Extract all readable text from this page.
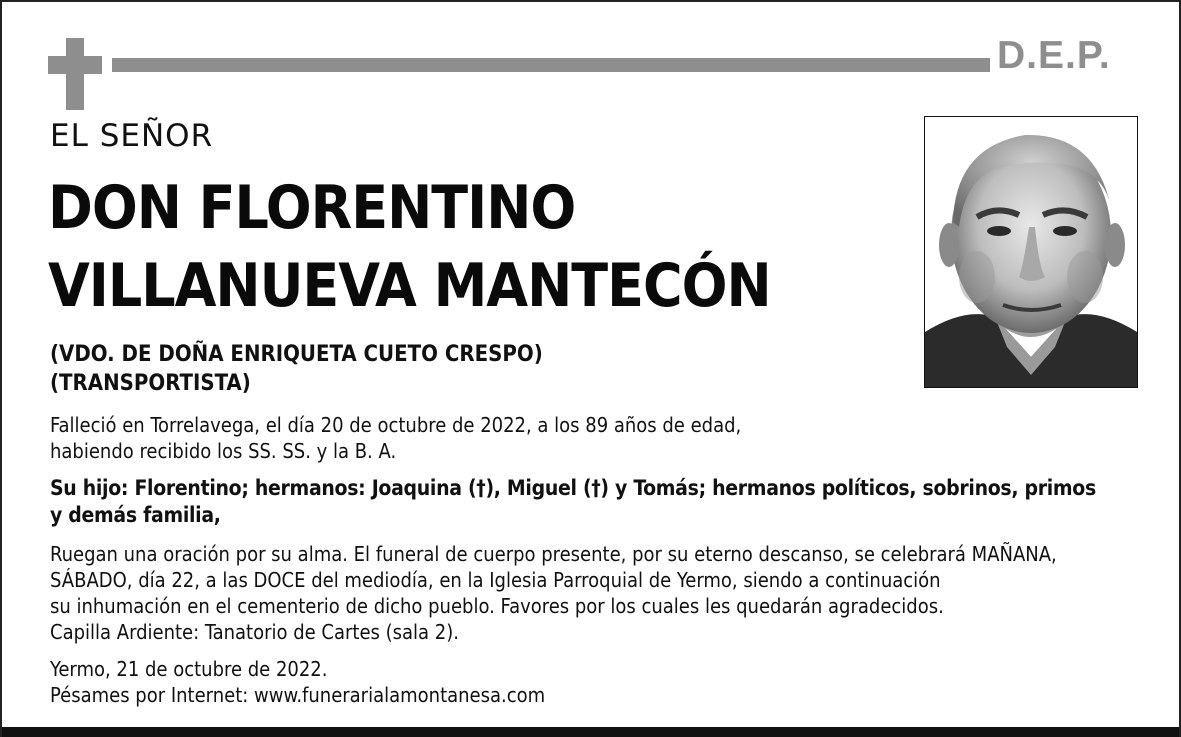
D.E.P.
EL SEÑOR
DON FLORENTINO
VILLANUEVA MANTECÓN
(VDO. DE DOÑA ENRIQUETA CUETO CRESPO)
(TRANSPORTISTA)
Falleció en Torrelavega, el día 20 de octubre de 2022, a los 89 años de edad,
habiendo recibido los SS. SS. y la B. A.
Su hijo: Florentino; hermanos: Joaquina (†), Miguel (†) y Tomás; hermanos políticos, sobrinos, primos
y demás familia,
Ruegan una oración por su alma. El funeral de cuerpo presente, por su eterno descanso, se celebrará MAÑANA,
SÁBADO, día 22, a las DOCE del mediodía, en la Iglesia Parroquial de Yermo, siendo a continuación
su inhumación en el cementerio de dicho pueblo. Favores por los cuales les quedarán agradecidos.
Capilla Ardiente: Tanatorio de Cartes (sala 2).
Yermo, 21 de octubre de 2022.
Pésames por Internet: www.funerarialamontanesa.com
